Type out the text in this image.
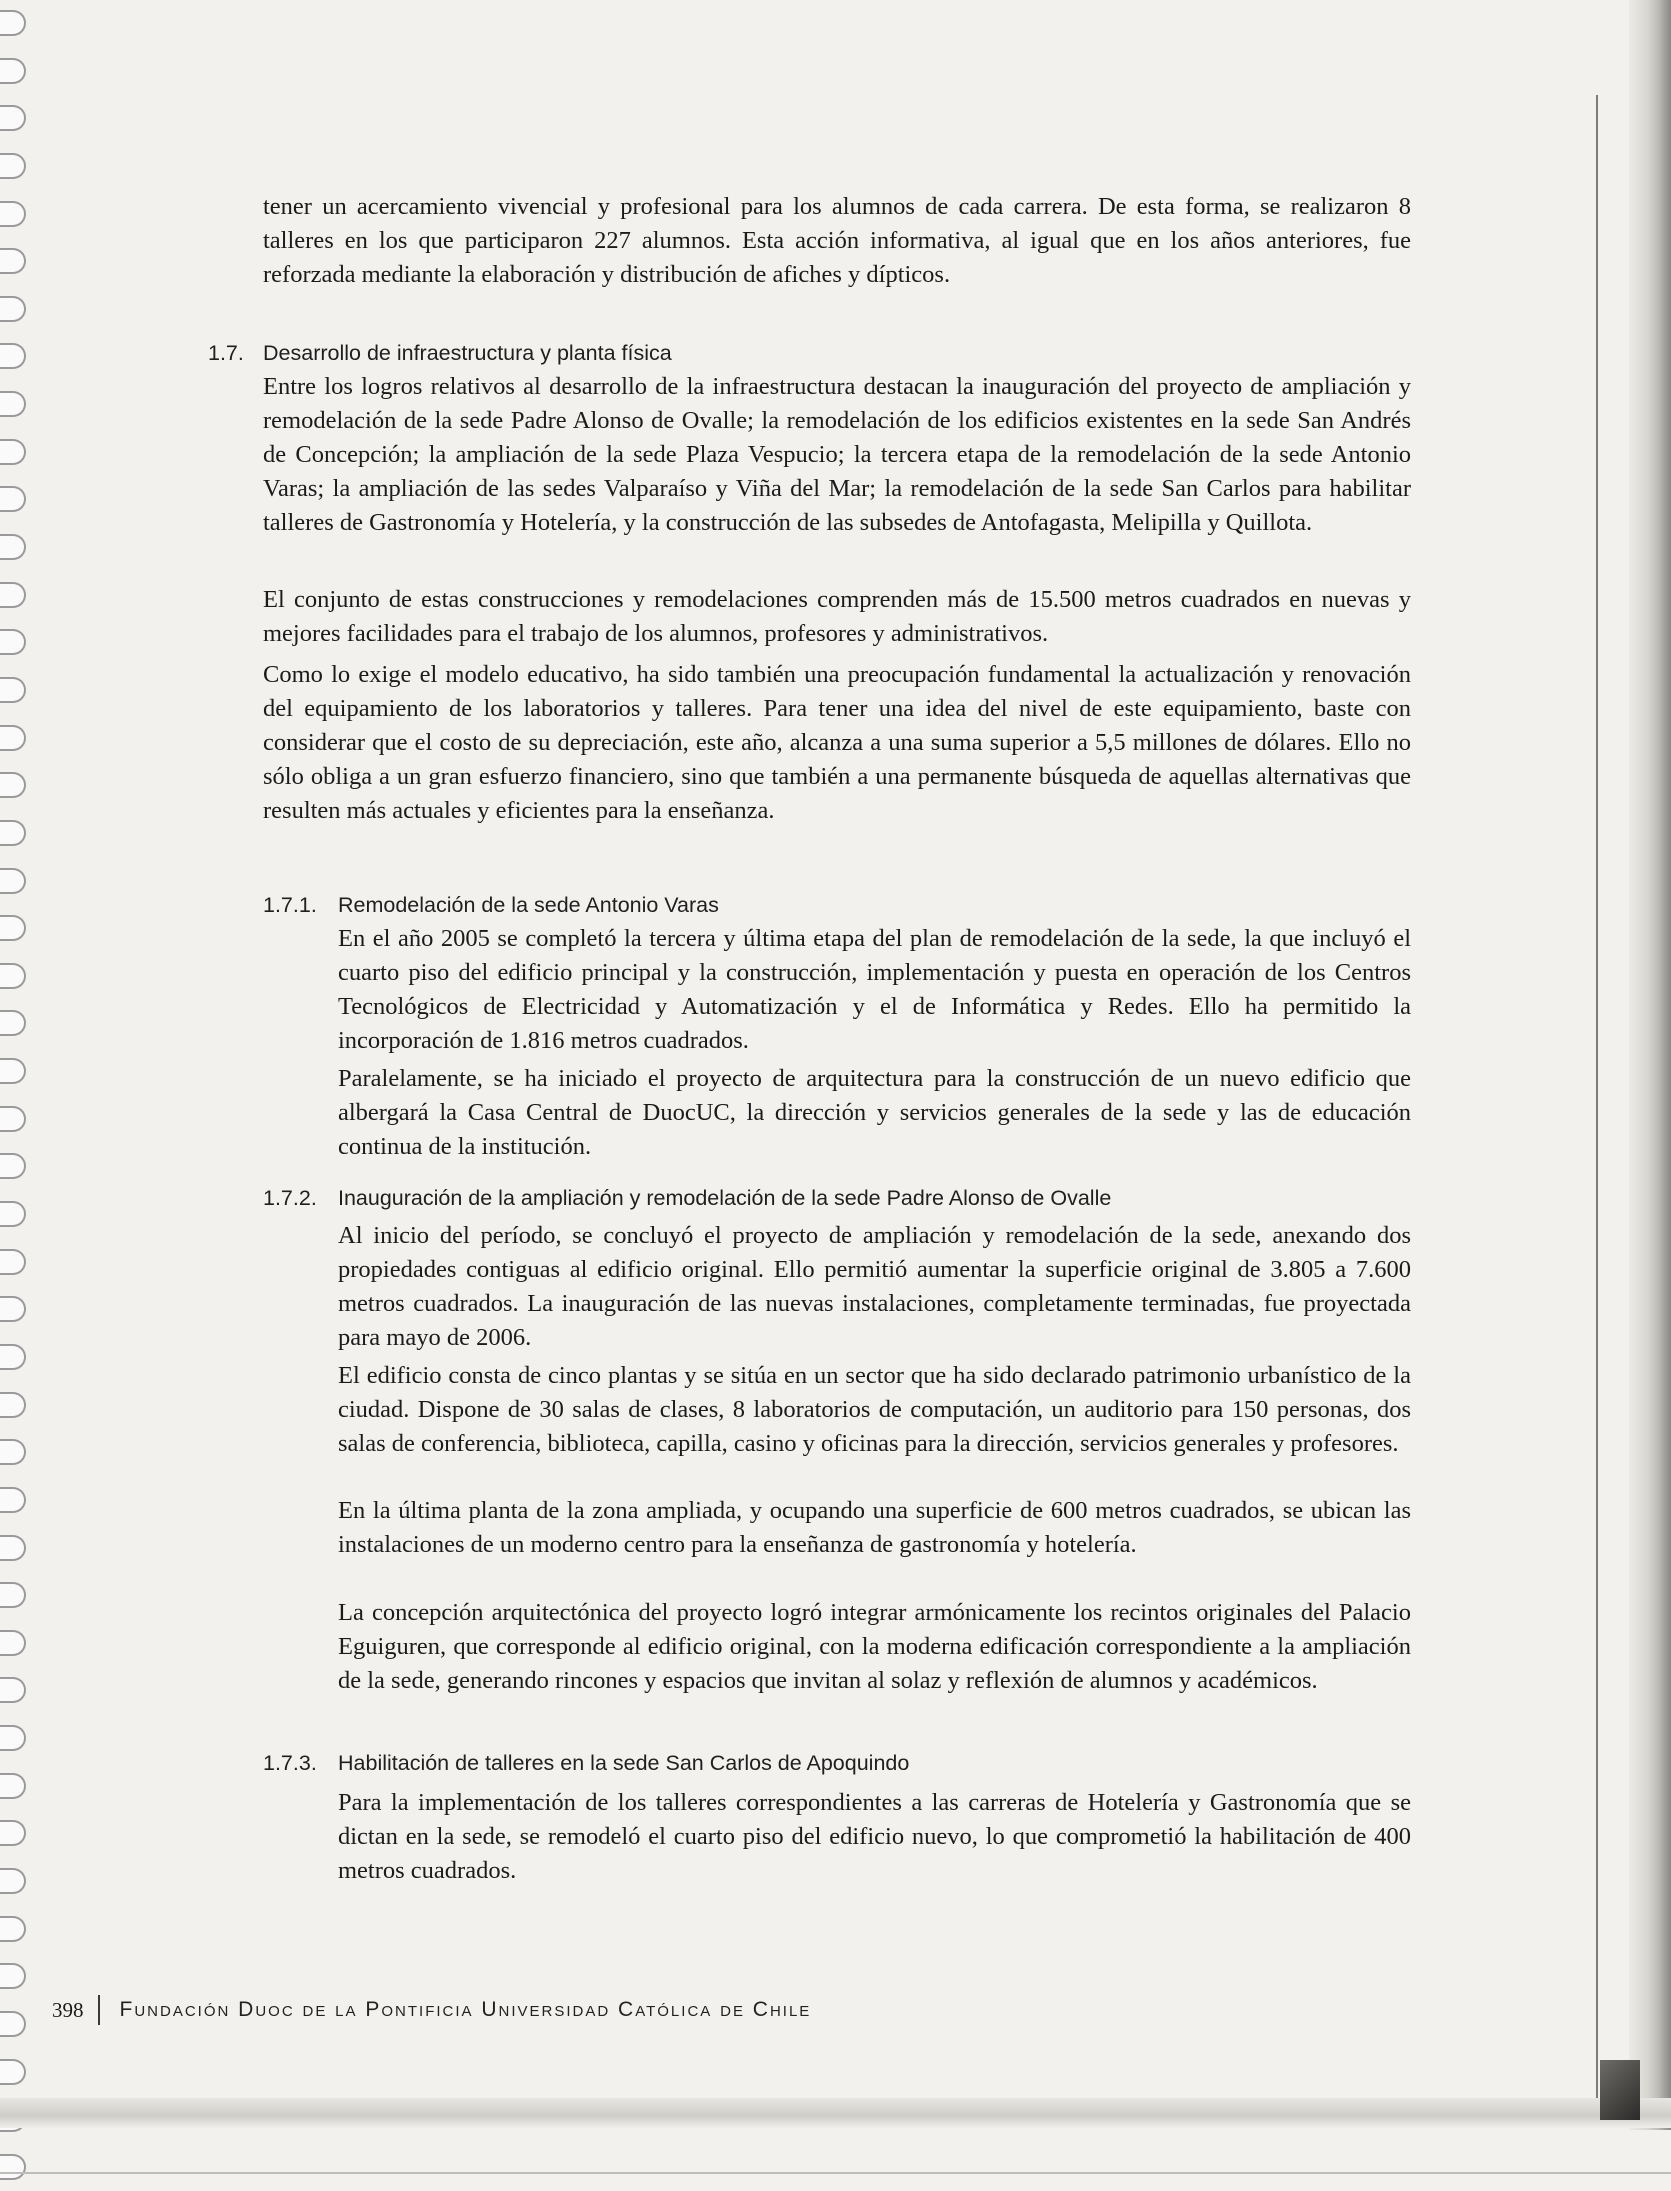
tener un acercamiento vivencial y profesional para los alumnos de cada carrera. De esta forma, se realizaron 8 talleres en los que participaron 227 alumnos. Esta acción informativa, al igual que en los años anteriores, fue reforzada mediante la elaboración y distribución de afiches y dípticos.

1.7. Desarrollo de infraestructura y planta física

Entre los logros relativos al desarrollo de la infraestructura destacan la inauguración del proyecto de ampliación y remodelación de la sede Padre Alonso de Ovalle; la remodelación de los edificios existentes en la sede San Andrés de Concepción; la ampliación de la sede Plaza Vespucio; la tercera etapa de la remodelación de la sede Antonio Varas; la ampliación de las sedes Valparaíso y Viña del Mar; la remodelación de la sede San Carlos para habilitar talleres de Gastronomía y Hotelería, y la construcción de las subsedes de Antofagasta, Melipilla y Quillota.

El conjunto de estas construcciones y remodelaciones comprenden más de 15.500 metros cuadrados en nuevas y mejores facilidades para el trabajo de los alumnos, profesores y administrativos.

Como lo exige el modelo educativo, ha sido también una preocupación fundamental la actualización y renovación del equipamiento de los laboratorios y talleres. Para tener una idea del nivel de este equipamiento, baste con considerar que el costo de su depreciación, este año, alcanza a una suma superior a 5,5 millones de dólares. Ello no sólo obliga a un gran esfuerzo financiero, sino que también a una permanente búsqueda de aquellas alternativas que resulten más actuales y eficientes para la enseñanza.

1.7.1. Remodelación de la sede Antonio Varas

En el año 2005 se completó la tercera y última etapa del plan de remodelación de la sede, la que incluyó el cuarto piso del edificio principal y la construcción, implementación y puesta en operación de los Centros Tecnológicos de Electricidad y Automatización y el de Informática y Redes. Ello ha permitido la incorporación de 1.816 metros cuadrados.

Paralelamente, se ha iniciado el proyecto de arquitectura para la construcción de un nuevo edificio que albergará la Casa Central de DuocUC, la dirección y servicios generales de la sede y las de educación continua de la institución.

1.7.2. Inauguración de la ampliación y remodelación de la sede Padre Alonso de Ovalle

Al inicio del período, se concluyó el proyecto de ampliación y remodelación de la sede, anexando dos propiedades contiguas al edificio original. Ello permitió aumentar la superficie original de 3.805 a 7.600 metros cuadrados. La inauguración de las nuevas instalaciones, completamente terminadas, fue proyectada para mayo de 2006.

El edificio consta de cinco plantas y se sitúa en un sector que ha sido declarado patrimonio urbanístico de la ciudad. Dispone de 30 salas de clases, 8 laboratorios de computación, un auditorio para 150 personas, dos salas de conferencia, biblioteca, capilla, casino y oficinas para la dirección, servicios generales y profesores.

En la última planta de la zona ampliada, y ocupando una superficie de 600 metros cuadrados, se ubican las instalaciones de un moderno centro para la enseñanza de gastronomía y hotelería.

La concepción arquitectónica del proyecto logró integrar armónicamente los recintos originales del Palacio Eguiguren, que corresponde al edificio original, con la moderna edificación correspondiente a la ampliación de la sede, generando rincones y espacios que invitan al solaz y reflexión de alumnos y académicos.

1.7.3. Habilitación de talleres en la sede San Carlos de Apoquindo

Para la implementación de los talleres correspondientes a las carreras de Hotelería y Gastronomía que se dictan en la sede, se remodeló el cuarto piso del edificio nuevo, lo que comprometió la habilitación de 400 metros cuadrados.

398 Fundación Duoc de la Pontificia Universidad Católica de Chile
